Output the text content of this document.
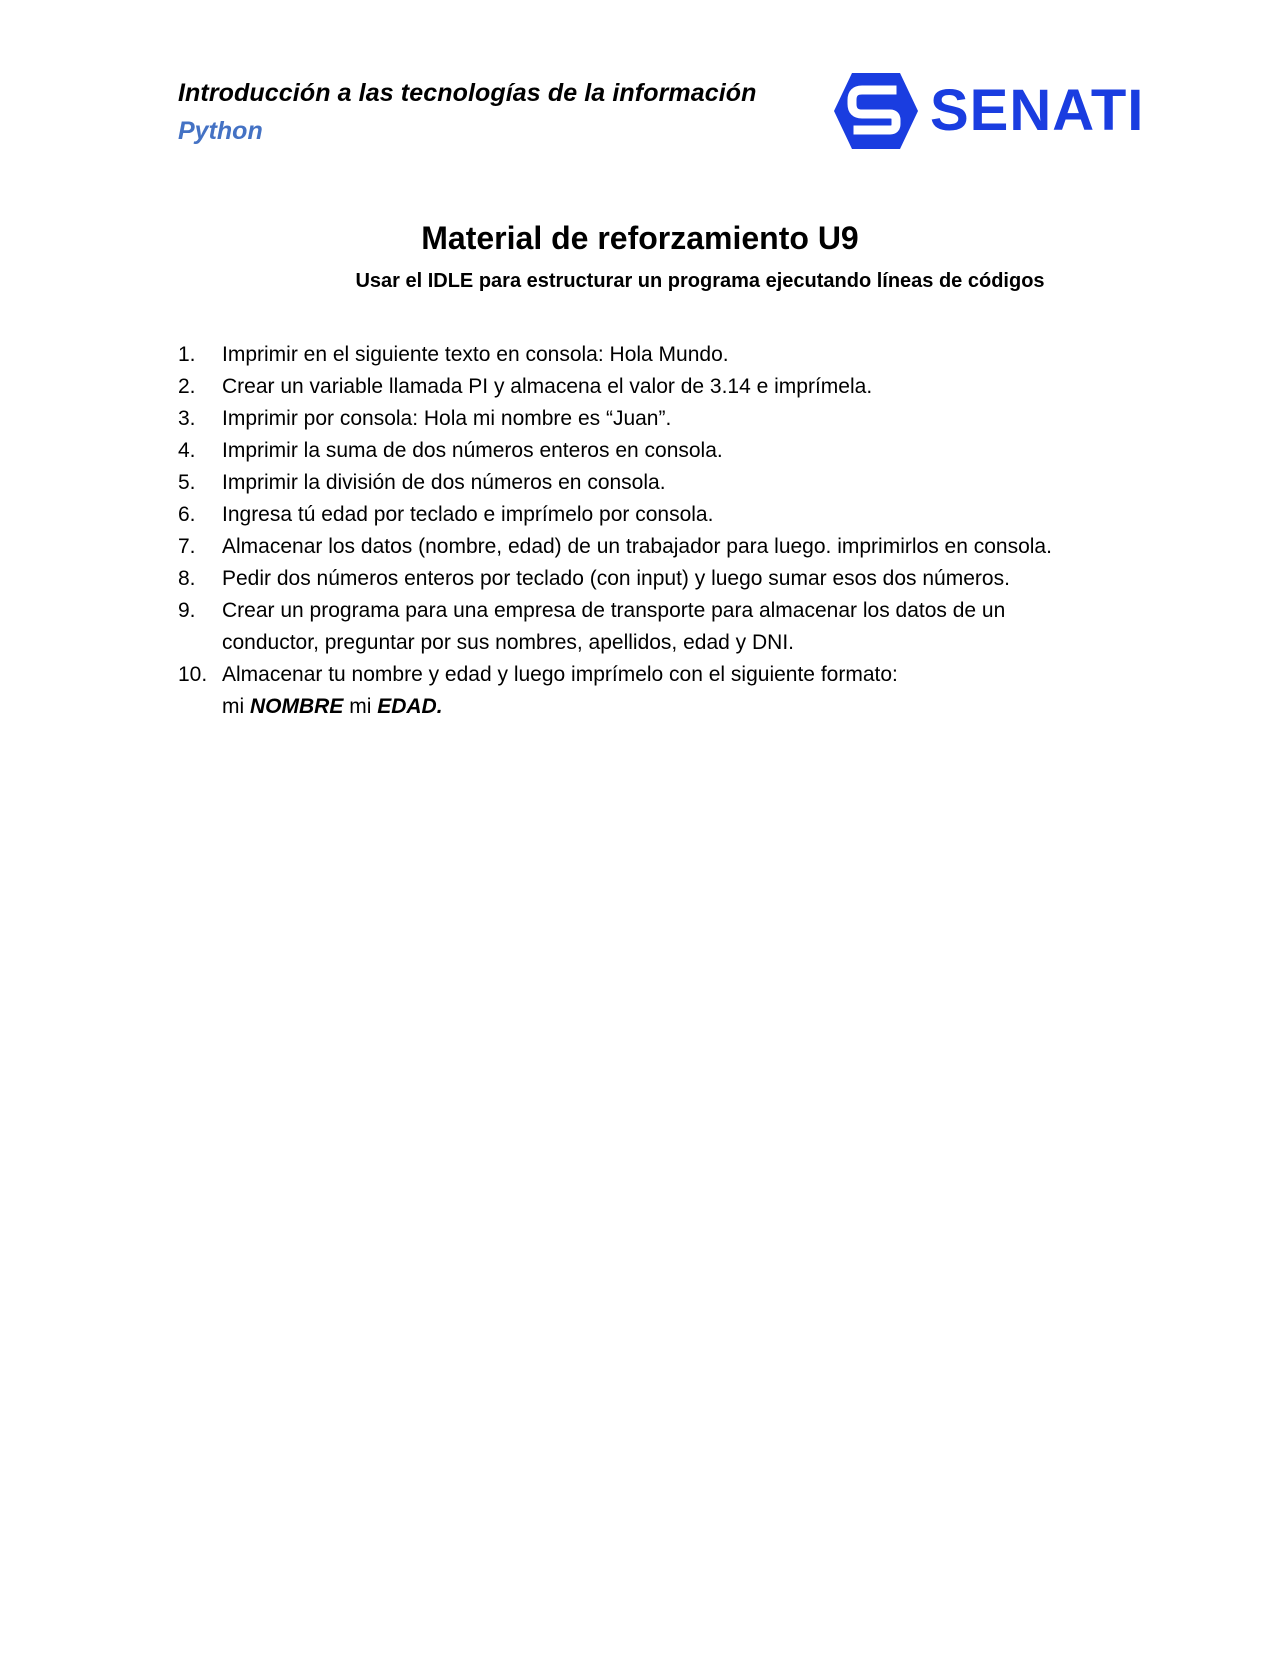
Introducción a las tecnologías de la información
Python	SENATI
Material de reforzamiento U9
Usar el IDLE para estructurar un programa ejecutando líneas de códigos
1. Imprimir en el siguiente texto en consola: Hola Mundo.
2. Crear un variable llamada PI y almacena el valor de 3.14 e imprímela.
3. Imprimir por consola: Hola mi nombre es “Juan”.
4. Imprimir la suma de dos números enteros en consola.
5. Imprimir la división de dos números en consola.
6. Ingresa tú edad por teclado e imprímelo por consola.
7. Almacenar los datos (nombre, edad) de un trabajador para luego. imprimirlos en consola.
8. Pedir dos números enteros por teclado (con input) y luego sumar esos dos números.
9. Crear un programa para una empresa de transporte para almacenar los datos de un conductor, preguntar por sus nombres, apellidos, edad y DNI.
10. Almacenar tu nombre y edad y luego imprímelo con el siguiente formato:
mi NOMBRE mi EDAD.
